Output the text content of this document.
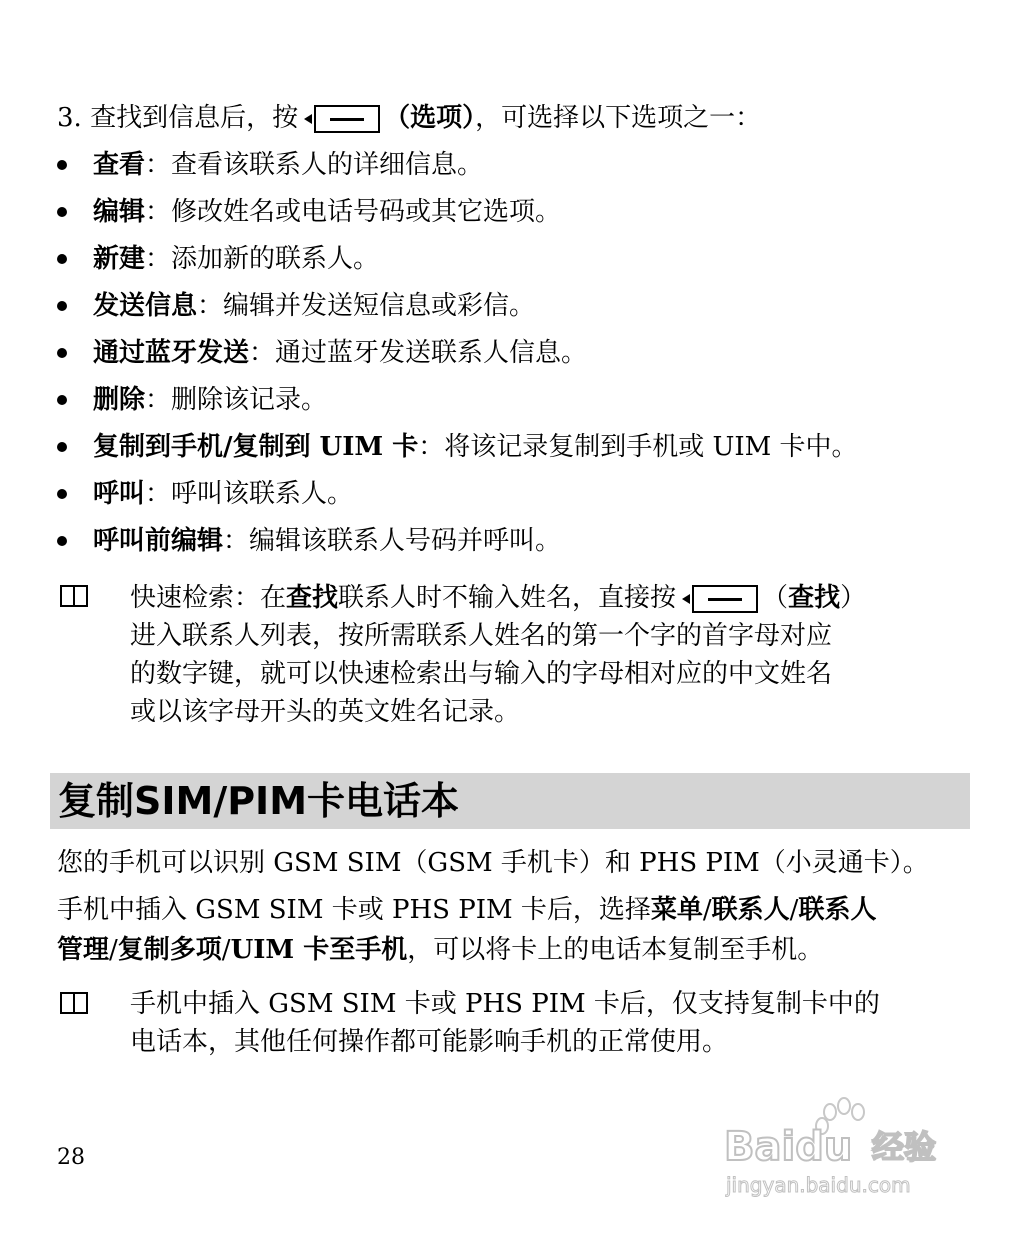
3. 查找到信息后，按	（选项），可选择以下选项之一：
查看：查看该联系人的详细信息。
编辑：修改姓名或电话号码或其它选项。
新建：添加新的联系人。
发送信息：编辑并发送短信息或彩信。
通过蓝牙发送：通过蓝牙发送联系人信息。
删除：删除该记录。
复制到手机/复制到 UIM 卡：将该记录复制到手机或 UIM 卡中。
呼叫：呼叫该联系人。
呼叫前编辑：编辑该联系人号码并呼叫。
快速检索：在查找联系人时不输入姓名，直接按	（查找）
进入联系人列表，按所需联系人姓名的第一个字的首字母对应
的数字键，就可以快速检索出与输入的字母相对应的中文姓名
或以该字母开头的英文姓名记录。
复制SIM/PIM卡电话本
您的手机可以识别 GSM SIM（GSM 手机卡）和 PHS PIM（小灵通卡）。
手机中插入 GSM SIM 卡或 PHS PIM 卡后，选择菜单/联系人/联系人
管理/复制多项/UIM 卡至手机，可以将卡上的电话本复制至手机。
手机中插入 GSM SIM 卡或 PHS PIM 卡后，仅支持复制卡中的
电话本，其他任何操作都可能影响手机的正常使用。
28	Baidu 经验
jingyan.baidu.com
